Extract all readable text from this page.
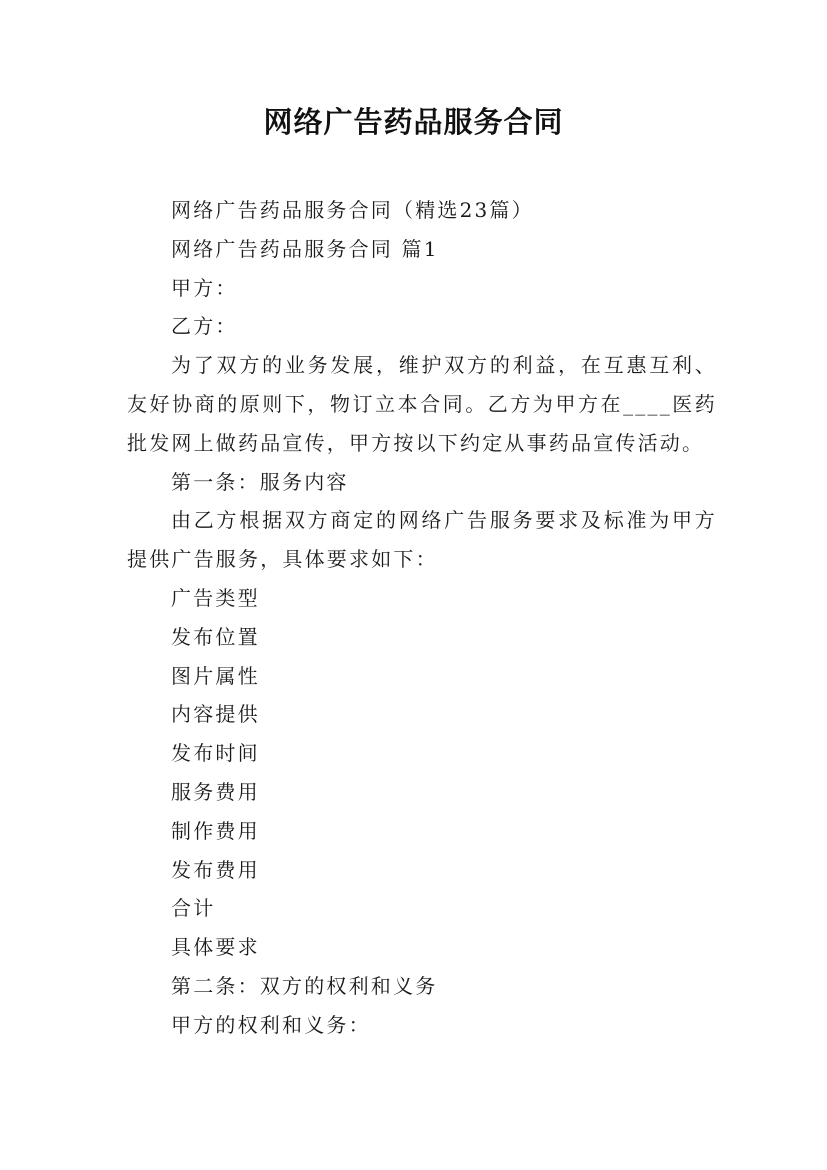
网络广告药品服务合同

网络广告药品服务合同（精选23篇）

网络广告药品服务合同 篇1

甲方：

乙方：

为了双方的业务发展，维护双方的利益，在互惠互利、友好协商的原则下，物订立本合同。乙方为甲方在____医药批发网上做药品宣传，甲方按以下约定从事药品宣传活动。

第一条：服务内容

由乙方根据双方商定的网络广告服务要求及标准为甲方提供广告服务，具体要求如下：

广告类型

发布位置

图片属性

内容提供

发布时间

服务费用

制作费用

发布费用

合计

具体要求

第二条：双方的权利和义务

甲方的权利和义务：
